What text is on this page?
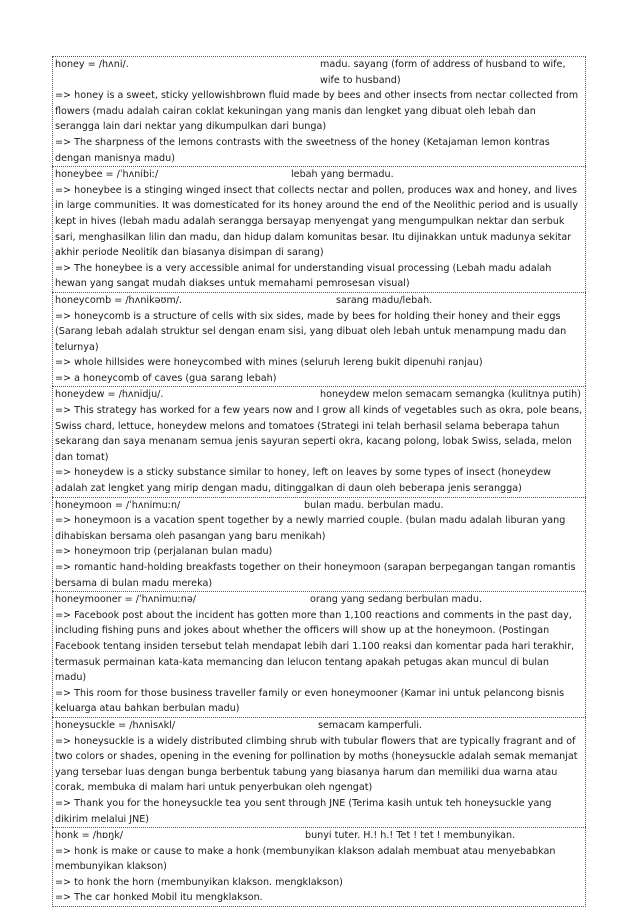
honey = /hʌni/.	madu. sayang (form of address of husband to wife, wife to husband)

=> honey is a sweet, sticky yellowishbrown fluid made by bees and other insects from nectar collected from flowers (madu adalah cairan coklat kekuningan yang manis dan lengket yang dibuat oleh lebah dan serangga lain dari nektar yang dikumpulkan dari bunga)

=> The sharpness of the lemons contrasts with the sweetness of the honey (Ketajaman lemon kontras dengan manisnya madu)

honeybee = /ˈhʌnibiː/	lebah yang bermadu.

=> honeybee is a stinging winged insect that collects nectar and pollen, produces wax and honey, and lives in large communities. It was domesticated for its honey around the end of the Neolithic period and is usually kept in hives (lebah madu adalah serangga bersayap menyengat yang mengumpulkan nektar dan serbuk sari, menghasilkan lilin dan madu, dan hidup dalam komunitas besar. Itu dijinakkan untuk madunya sekitar akhir periode Neolitik dan biasanya disimpan di sarang)

=> The honeybee is a very accessible animal for understanding visual processing (Lebah madu adalah hewan yang sangat mudah diakses untuk memahami pemrosesan visual)

honeycomb = /hʌnikəʊm/.	sarang madu/lebah.

=> honeycomb is a structure of cells with six sides, made by bees for holding their honey and their eggs (Sarang lebah adalah struktur sel dengan enam sisi, yang dibuat oleh lebah untuk menampung madu dan telurnya)

=> whole hillsides were honeycombed with mines (seluruh lereng bukit dipenuhi ranjau)

=> a honeycomb of caves (gua sarang lebah)

honeydew = /hʌnidju/.	honeydew melon semacam semangka (kulitnya putih)

=> This strategy has worked for a few years now and I grow all kinds of vegetables such as okra, pole beans, Swiss chard, lettuce, honeydew melons and tomatoes (Strategi ini telah berhasil selama beberapa tahun sekarang dan saya menanam semua jenis sayuran seperti okra, kacang polong, lobak Swiss, selada, melon dan tomat)

=> honeydew is a sticky substance similar to honey, left on leaves by some types of insect (honeydew adalah zat lengket yang mirip dengan madu, ditinggalkan di daun oleh beberapa jenis serangga)

honeymoon = /ˈhʌnimuːn/	bulan madu. berbulan madu.

=> honeymoon is a vacation spent together by a newly married couple. (bulan madu adalah liburan yang dihabiskan bersama oleh pasangan yang baru menikah)

=> honeymoon trip (perjalanan bulan madu)

=> romantic hand-holding breakfasts together on their honeymoon (sarapan berpegangan tangan romantis bersama di bulan madu mereka)

honeymooner = /ˈhʌnimuːnə/	orang yang sedang berbulan madu.

=> Facebook post about the incident has gotten more than 1,100 reactions and comments in the past day, including fishing puns and jokes about whether the officers will show up at the honeymoon. (Postingan Facebook tentang insiden tersebut telah mendapat lebih dari 1.100 reaksi dan komentar pada hari terakhir, termasuk permainan kata-kata memancing dan lelucon tentang apakah petugas akan muncul di bulan madu)

=> This room for those business traveller family or even honeymooner (Kamar ini untuk pelancong bisnis keluarga atau bahkan berbulan madu)

honeysuckle = /hʌnisʌkl/	semacam kamperfuli.

=> honeysuckle is a widely distributed climbing shrub with tubular flowers that are typically fragrant and of two colors or shades, opening in the evening for pollination by moths (honeysuckle adalah semak memanjat yang tersebar luas dengan bunga berbentuk tabung yang biasanya harum dan memiliki dua warna atau corak, membuka di malam hari untuk penyerbukan oleh ngengat)

=> Thank you for the honeysuckle tea you sent through JNE (Terima kasih untuk teh honeysuckle yang dikirim melalui JNE)

honk = /hɒŋk/	bunyi tuter. H.! h.! Tet ! tet ! membunyikan.

=> honk is make or cause to make a honk (membunyikan klakson adalah membuat atau menyebabkan membunyikan klakson)

=> to honk the horn (membunyikan klakson. mengklakson)

=> The car honked Mobil itu mengklakson.
